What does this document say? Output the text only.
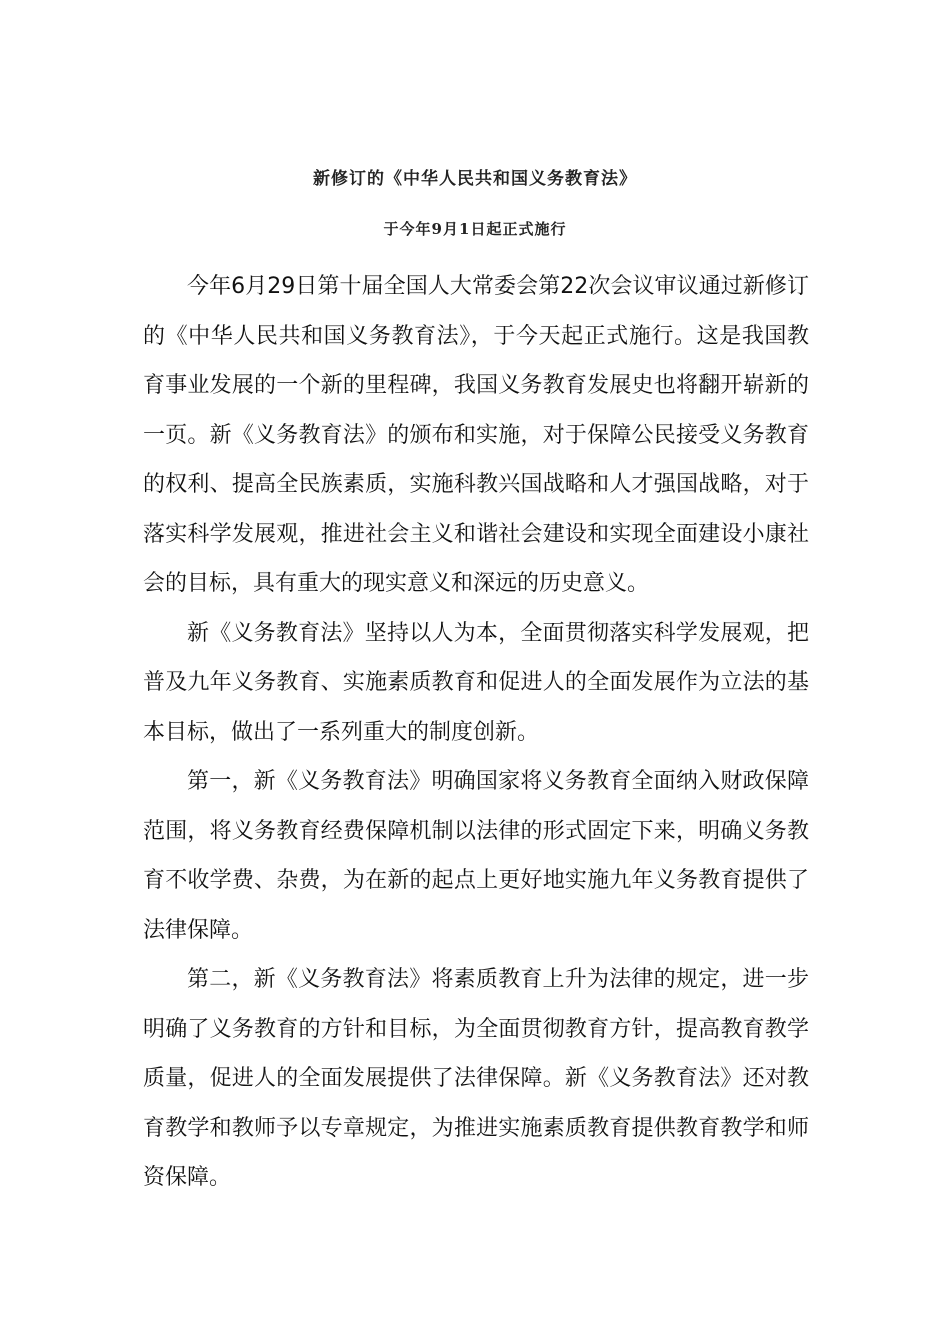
新修订的《中华人民共和国义务教育法》
于今年9月1日起正式施行

今年6月29日第十届全国人大常委会第22次会议审议通过新修订的《中华人民共和国义务教育法》，于今天起正式施行。这是我国教育事业发展的一个新的里程碑，我国义务教育发展史也将翻开崭新的一页。新《义务教育法》的颁布和实施，对于保障公民接受义务教育的权利、提高全民族素质，实施科教兴国战略和人才强国战略，对于落实科学发展观，推进社会主义和谐社会建设和实现全面建设小康社会的目标，具有重大的现实意义和深远的历史意义。

新《义务教育法》坚持以人为本，全面贯彻落实科学发展观，把普及九年义务教育、实施素质教育和促进人的全面发展作为立法的基本目标，做出了一系列重大的制度创新。

第一，新《义务教育法》明确国家将义务教育全面纳入财政保障范围，将义务教育经费保障机制以法律的形式固定下来，明确义务教育不收学费、杂费，为在新的起点上更好地实施九年义务教育提供了法律保障。

第二，新《义务教育法》将素质教育上升为法律的规定，进一步明确了义务教育的方针和目标，为全面贯彻教育方针，提高教育教学质量，促进人的全面发展提供了法律保障。新《义务教育法》还对教育教学和教师予以专章规定，为推进实施素质教育提供教育教学和师资保障。
